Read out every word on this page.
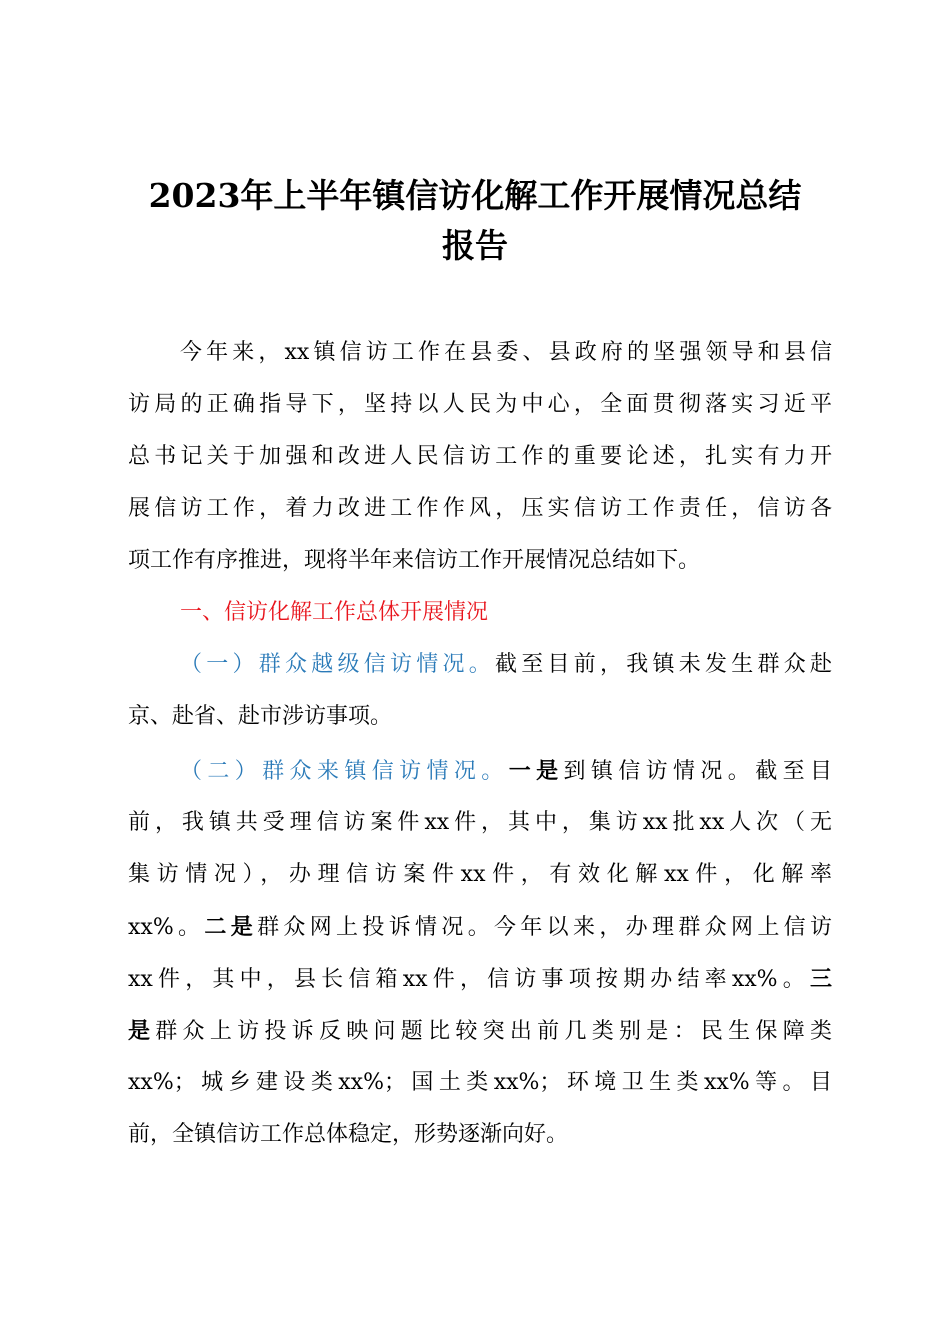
2023年上半年镇信访化解工作开展情况总结
报告

今年来，xx镇信访工作在县委、县政府的坚强领导和县信

访局的正确指导下，坚持以人民为中心，全面贯彻落实习近平

总书记关于加强和改进人民信访工作的重要论述，扎实有力开

展信访工作，着力改进工作作风，压实信访工作责任，信访各

项工作有序推进，现将半年来信访工作开展情况总结如下。

一、信访化解工作总体开展情况

（一）群众越级信访情况。截至目前，我镇未发生群众赴

京、赴省、赴市涉访事项。

（二）群众来镇信访情况。一是到镇信访情况。截至目

前，我镇共受理信访案件xx件，其中，集访xx批xx人次（无

集访情况），办理信访案件xx件，有效化解xx件，化解率

xx%。二是群众网上投诉情况。今年以来，办理群众网上信访

xx件，其中，县长信箱xx件，信访事项按期办结率xx%。三

是群众上访投诉反映问题比较突出前几类别是：民生保障类

xx%；城乡建设类xx%；国土类xx%；环境卫生类xx%等。目

前，全镇信访工作总体稳定，形势逐渐向好。
